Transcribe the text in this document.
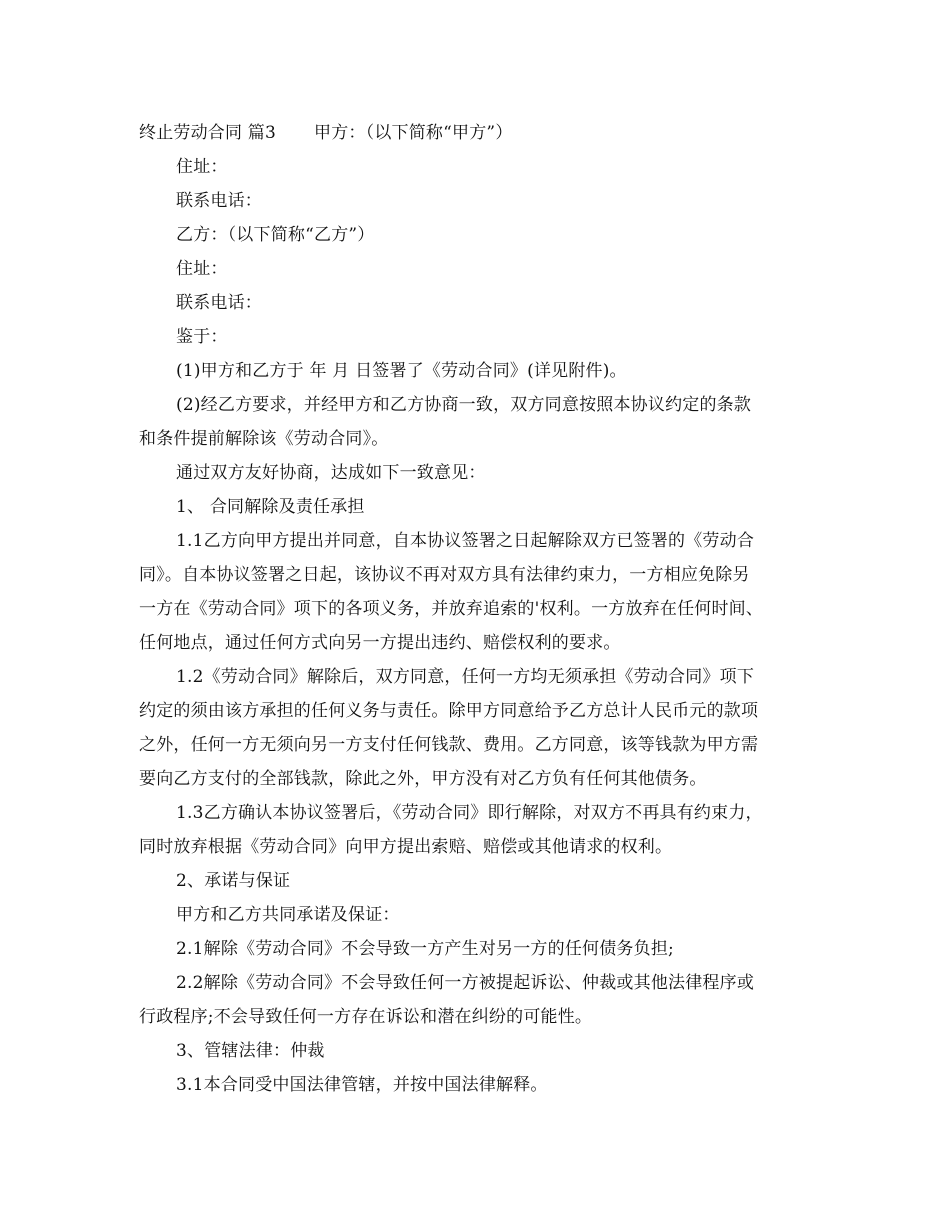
终止劳动合同 篇3 甲方：（以下简称“甲方”）
住址：
联系电话：
乙方：（以下简称“乙方”）
住址：
联系电话：
鉴于：
(1)甲方和乙方于 年 月 日签署了《劳动合同》(详见附件)。
(2)经乙方要求，并经甲方和乙方协商一致，双方同意按照本协议约定的条款
和条件提前解除该《劳动合同》。
通过双方友好协商，达成如下一致意见：
1、 合同解除及责任承担
1.1乙方向甲方提出并同意，自本协议签署之日起解除双方已签署的《劳动合
同》。自本协议签署之日起，该协议不再对双方具有法律约束力，一方相应免除另
一方在《劳动合同》项下的各项义务，并放弃追索的'权利。一方放弃在任何时间、
任何地点，通过任何方式向另一方提出违约、赔偿权利的要求。
1.2《劳动合同》解除后，双方同意，任何一方均无须承担《劳动合同》项下
约定的须由该方承担的任何义务与责任。除甲方同意给予乙方总计人民币元的款项
之外，任何一方无须向另一方支付任何钱款、费用。乙方同意，该等钱款为甲方需
要向乙方支付的全部钱款，除此之外，甲方没有对乙方负有任何其他债务。
1.3乙方确认本协议签署后，《劳动合同》即行解除，对双方不再具有约束力，
同时放弃根据《劳动合同》向甲方提出索赔、赔偿或其他请求的权利。
2、承诺与保证
甲方和乙方共同承诺及保证：
2.1解除《劳动合同》不会导致一方产生对另一方的任何债务负担;
2.2解除《劳动合同》不会导致任何一方被提起诉讼、仲裁或其他法律程序或
行政程序;不会导致任何一方存在诉讼和潜在纠纷的可能性。
3、管辖法律：仲裁
3.1本合同受中国法律管辖，并按中国法律解释。
